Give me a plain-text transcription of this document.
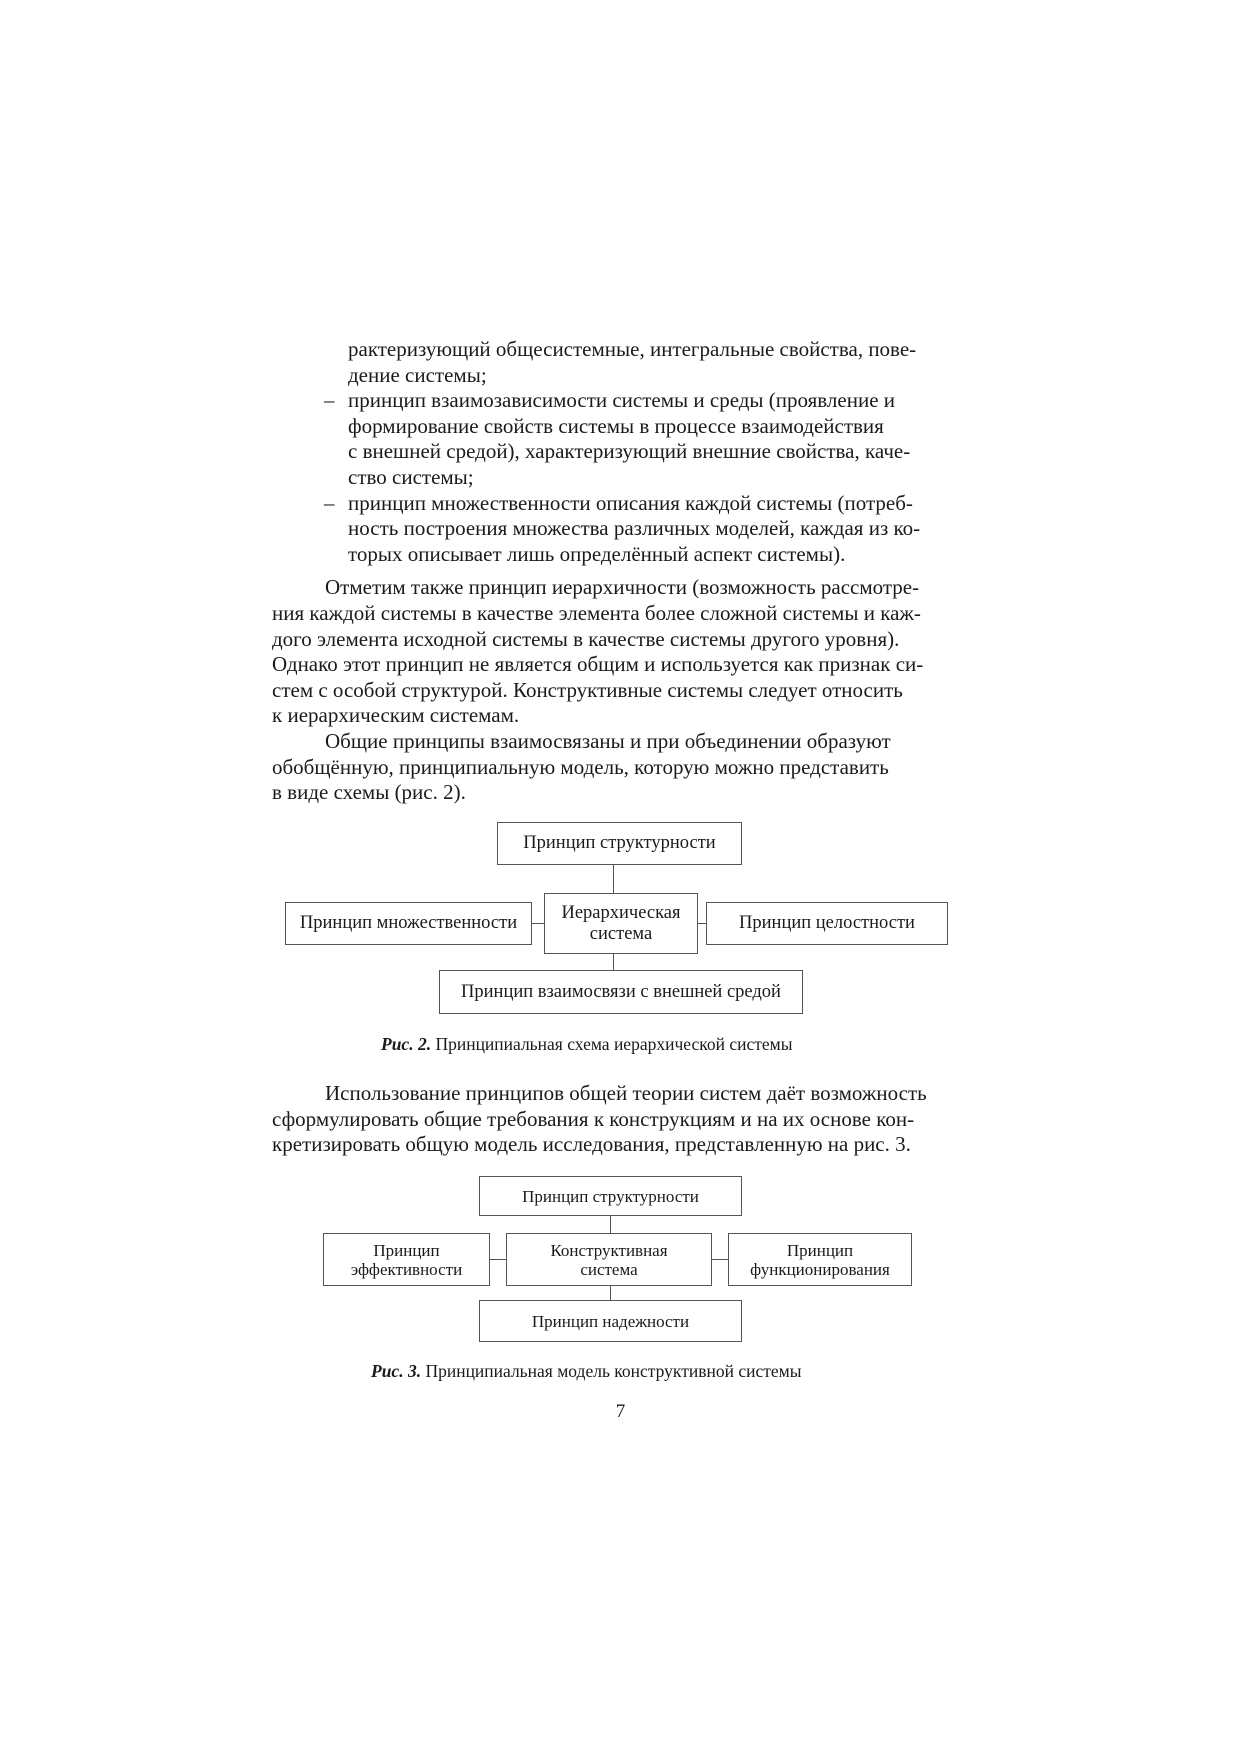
рактеризующий общесистемные, интегральные свойства, пове-

дение системы;

– принцип взаимозависимости системы и среды (проявление и

формирование свойств системы в процессе взаимодействия

с внешней средой), характеризующий внешние свойства, каче-

ство системы;

– принцип множественности описания каждой системы (потреб-

ность построения множества различных моделей, каждая из ко-

торых описывает лишь определённый аспект системы).

Отметим также принцип иерархичности (возможность рассмотре-

ния каждой системы в качестве элемента более сложной системы и каж-

дого элемента исходной системы в качестве системы другого уровня).

Однако этот принцип не является общим и используется как признак си-

стем с особой структурой. Конструктивные системы следует относить

к иерархическим системам.

Общие принципы взаимосвязаны и при объединении образуют

обобщённую, принципиальную модель, которую можно представить

в виде схемы (рис. 2).

Принцип структурности
Принцип множественности
Иерархическая
система
Принцип целостности
Принцип взаимосвязи с внешней средой
Рис. 2. Принципиальная схема иерархической системы

Использование принципов общей теории систем даёт возможность

сформулировать общие требования к конструкциям и на их основе кон-

кретизировать общую модель исследования, представленную на рис. 3.

Принцип структурности
Принцип
эффективности
Конструктивная
система
Принцип
функционирования
Принцип надежности
Рис. 3. Принципиальная модель конструктивной системы
7
